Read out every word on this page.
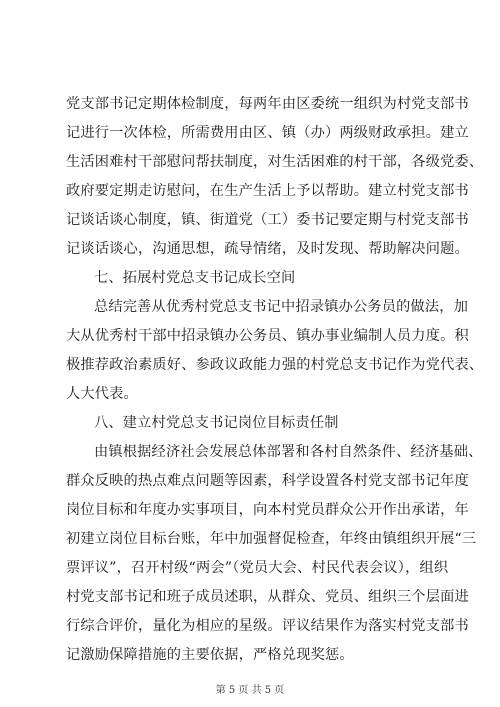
党支部书记定期体检制度，每两年由区委统一组织为村党支部书
记进行一次体检，所需费用由区、镇（办）两级财政承担。建立
生活困难村干部慰问帮扶制度，对生活困难的村干部，各级党委、
政府要定期走访慰问，在生产生活上予以帮助。建立村党支部书
记谈话谈心制度，镇、街道党（工）委书记要定期与村党支部书
记谈话谈心，沟通思想，疏导情绪，及时发现、帮助解决问题。
七、拓展村党总支书记成长空间
总结完善从优秀村党总支书记中招录镇办公务员的做法，加
大从优秀村干部中招录镇办公务员、镇办事业编制人员力度。积
极推荐政治素质好、参政议政能力强的村党总支书记作为党代表、
人大代表。
八、建立村党总支书记岗位目标责任制
由镇根据经济社会发展总体部署和各村自然条件、经济基础、
群众反映的热点难点问题等因素，科学设置各村党支部书记年度
岗位目标和年度办实事项目，向本村党员群众公开作出承诺，年
初建立岗位目标台账，年中加强督促检查，年终由镇组织开展“三
票评议”，召开村级“两会”（党员大会、村民代表会议），组织
村党支部书记和班子成员述职，从群众、党员、组织三个层面进
行综合评价，量化为相应的星级。评议结果作为落实村党支部书
记激励保障措施的主要依据，严格兑现奖惩。
第 5 页 共 5 页
